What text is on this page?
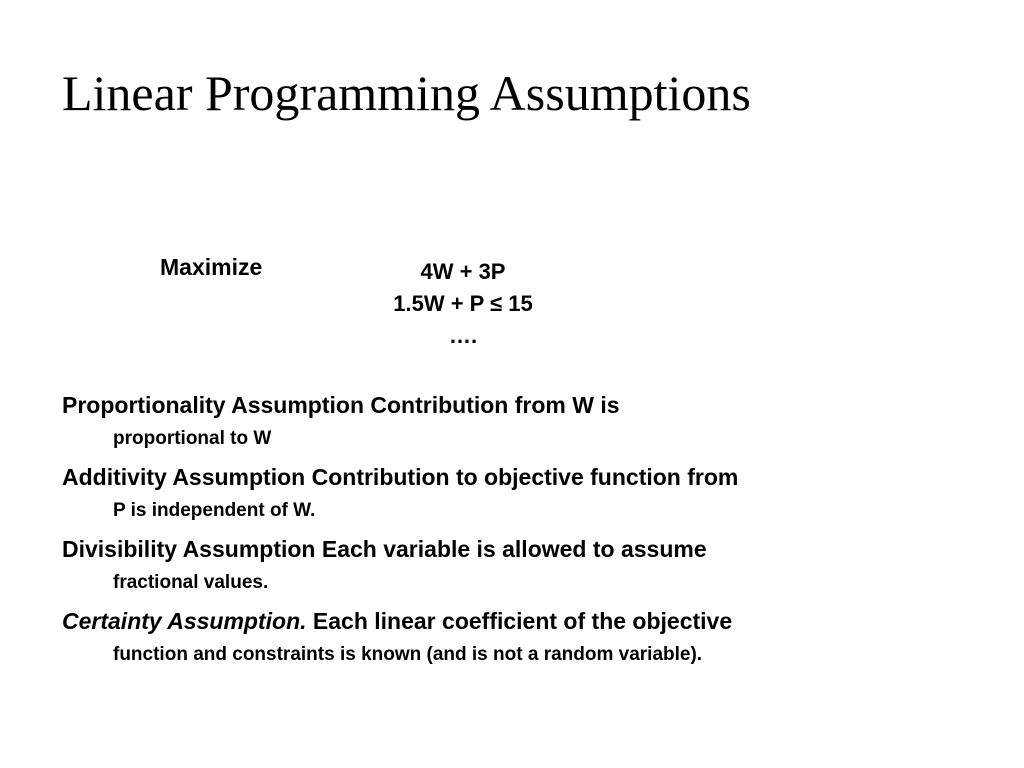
Linear Programming Assumptions
Maximize	4W + 3P
1.5W + P ≤ 15
….
Proportionality Assumption Contribution from W is
proportional to W
Additivity Assumption Contribution to objective function from
P is independent of W.
Divisibility Assumption Each variable is allowed to assume
fractional values.
Certainty Assumption. Each linear coefficient of the objective
function and constraints is known (and is not a random variable).
